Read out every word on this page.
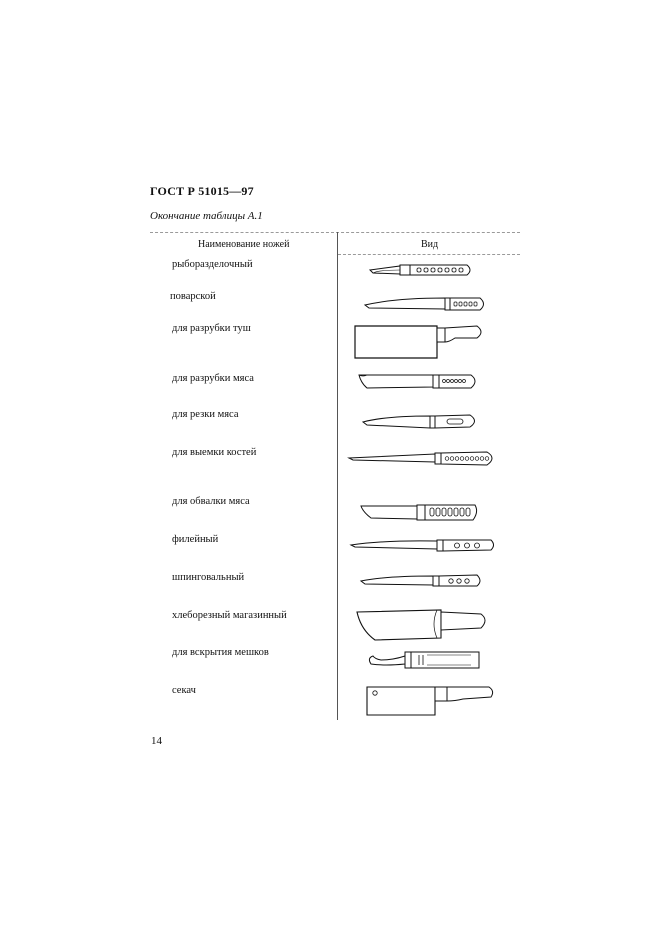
ГОСТ Р 51015—97
Окончание таблицы А.1
Наименование ножей	Вид
рыборазделочный
поварской
для разрубки туш
для разрубки мяса
для резки мяса
для выемки костей
для обвалки мяса
филейный
шпинговальный
хлеборезный магазинный
для вскрытия мешков
секач
14
